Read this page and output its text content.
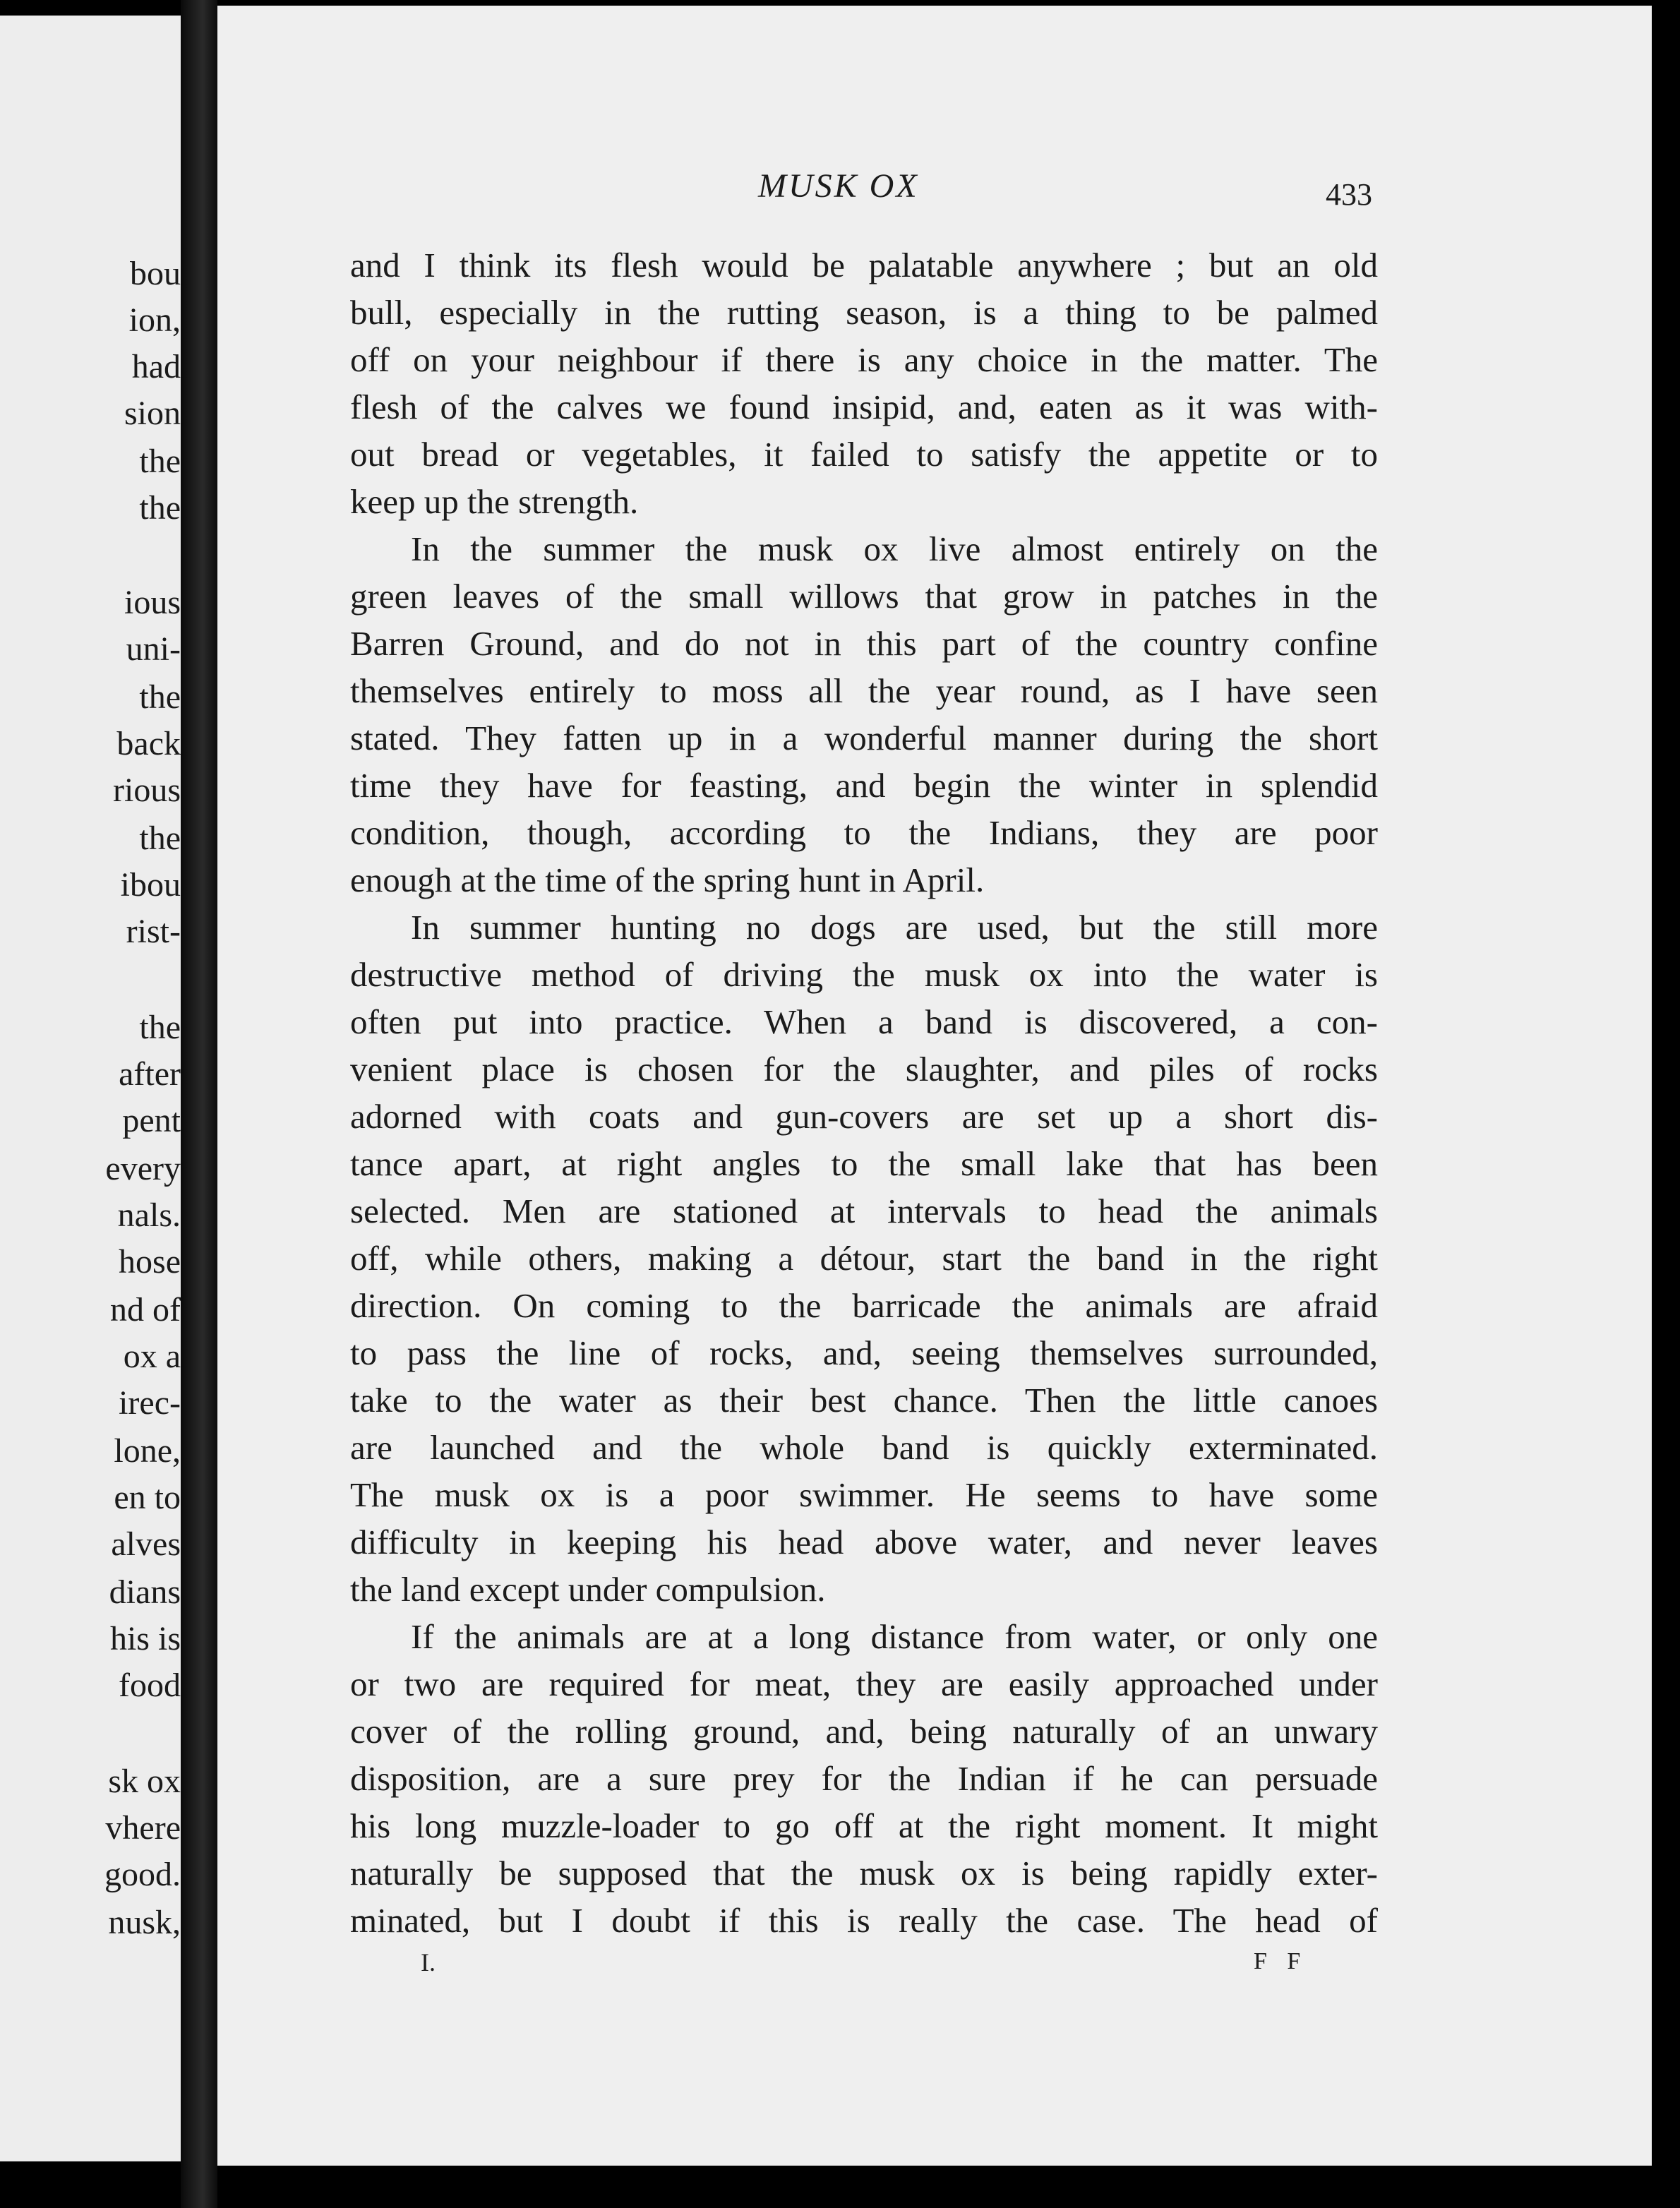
bou
ion,
had
sion
the
the
ious
uni-
the
back
rious
the
ibou
rist-
the
after
pent
every
nals.
hose
nd of
ox a
irec-
lone,
en to
alves
dians
his is
food
sk ox
vhere
good.
nusk,
MUSK OX	433
and I think its flesh would be palatable anywhere ; but an old
bull, especially in the rutting season, is a thing to be palmed
off on your neighbour if there is any choice in the matter. The
flesh of the calves we found insipid, and, eaten as it was with-
out bread or vegetables, it failed to satisfy the appetite or to
keep up the strength.
In the summer the musk ox live almost entirely on the
green leaves of the small willows that grow in patches in the
Barren Ground, and do not in this part of the country confine
themselves entirely to moss all the year round, as I have seen
stated. They fatten up in a wonderful manner during the short
time they have for feasting, and begin the winter in splendid
condition, though, according to the Indians, they are poor
enough at the time of the spring hunt in April.
In summer hunting no dogs are used, but the still more
destructive method of driving the musk ox into the water is
often put into practice. When a band is discovered, a con-
venient place is chosen for the slaughter, and piles of rocks
adorned with coats and gun-covers are set up a short dis-
tance apart, at right angles to the small lake that has been
selected. Men are stationed at intervals to head the animals
off, while others, making a détour, start the band in the right
direction. On coming to the barricade the animals are afraid
to pass the line of rocks, and, seeing themselves surrounded,
take to the water as their best chance. Then the little canoes
are launched and the whole band is quickly exterminated.
The musk ox is a poor swimmer. He seems to have some
difficulty in keeping his head above water, and never leaves
the land except under compulsion.
If the animals are at a long distance from water, or only one
or two are required for meat, they are easily approached under
cover of the rolling ground, and, being naturally of an unwary
disposition, are a sure prey for the Indian if he can persuade
his long muzzle-loader to go off at the right moment. It might
naturally be supposed that the musk ox is being rapidly exter-
minated, but I doubt if this is really the case. The head of
I.	F F
